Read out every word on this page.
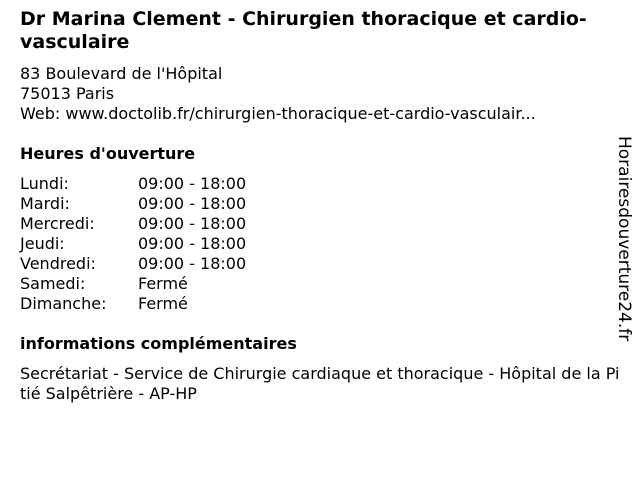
Dr Marina Clement - Chirurgien thoracique et cardio-vasculaire
83 Boulevard de l'Hôpital
75013 Paris
Web: www.doctolib.fr/chirurgien-thoracique-et-cardio-vasculair...
Heures d'ouverture
Lundi:	09:00 - 18:00
Mardi:	09:00 - 18:00
Mercredi:	09:00 - 18:00
Jeudi:	09:00 - 18:00
Vendredi:	09:00 - 18:00
Samedi:	Fermé
Dimanche:	Fermé
informations complémentaires
Secrétariat - Service de Chirurgie cardiaque et thoracique - Hôpital de la Pitié Salpêtrière - AP-HP
Horairesdouverture24.fr
